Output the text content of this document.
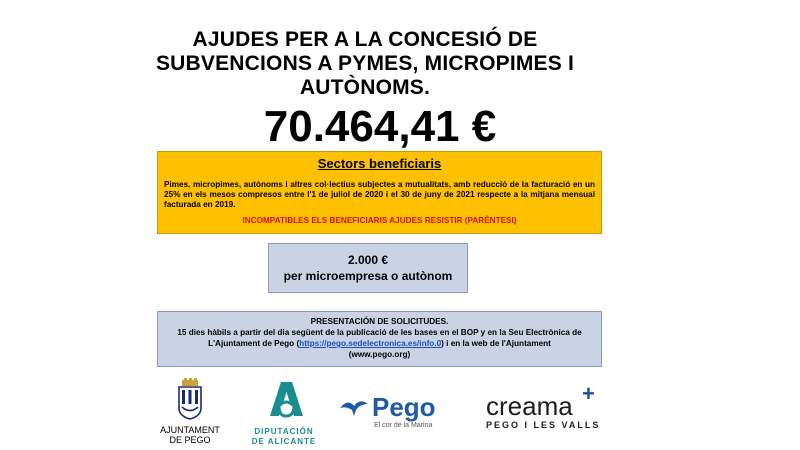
AJUDES PER A LA CONCESIÓ DE SUBVENCIONS A PYMES, MICROPIMES I AUTÒNOMS.
70.464,41 €
Sectors beneficiaris
Pimes, micropimes, autònoms i altres col·lectius subjectes a mutualitats, amb reducció de la facturació en un 25% en els mesos compresos entre l'1 de juliol de 2020 i el 30 de juny de 2021 respecte a la mitjana mensual facturada en 2019.
INCOMPATIBLES ELS BENEFICIARIS AJUDES RESISTIR (PARÈNTESI)
2.000 €
per microempresa o autònom
PRESENTACIÓN DE SOLICITUDES.
15 dies hàbils a partir del dia següent de la publicació de les bases en el BOP y en la Seu Electrònica de
L'Ajuntament de Pego (https://pego.sedelectronica.es/info.0) i en la web de l'Ajuntament
(www.pego.org)
AJUNTAMENT
DE PEGO
DIPUTACIÓN
DE ALICANTE
Pego
El cor de la Marina
creama +
PEGO I LES VALLS
